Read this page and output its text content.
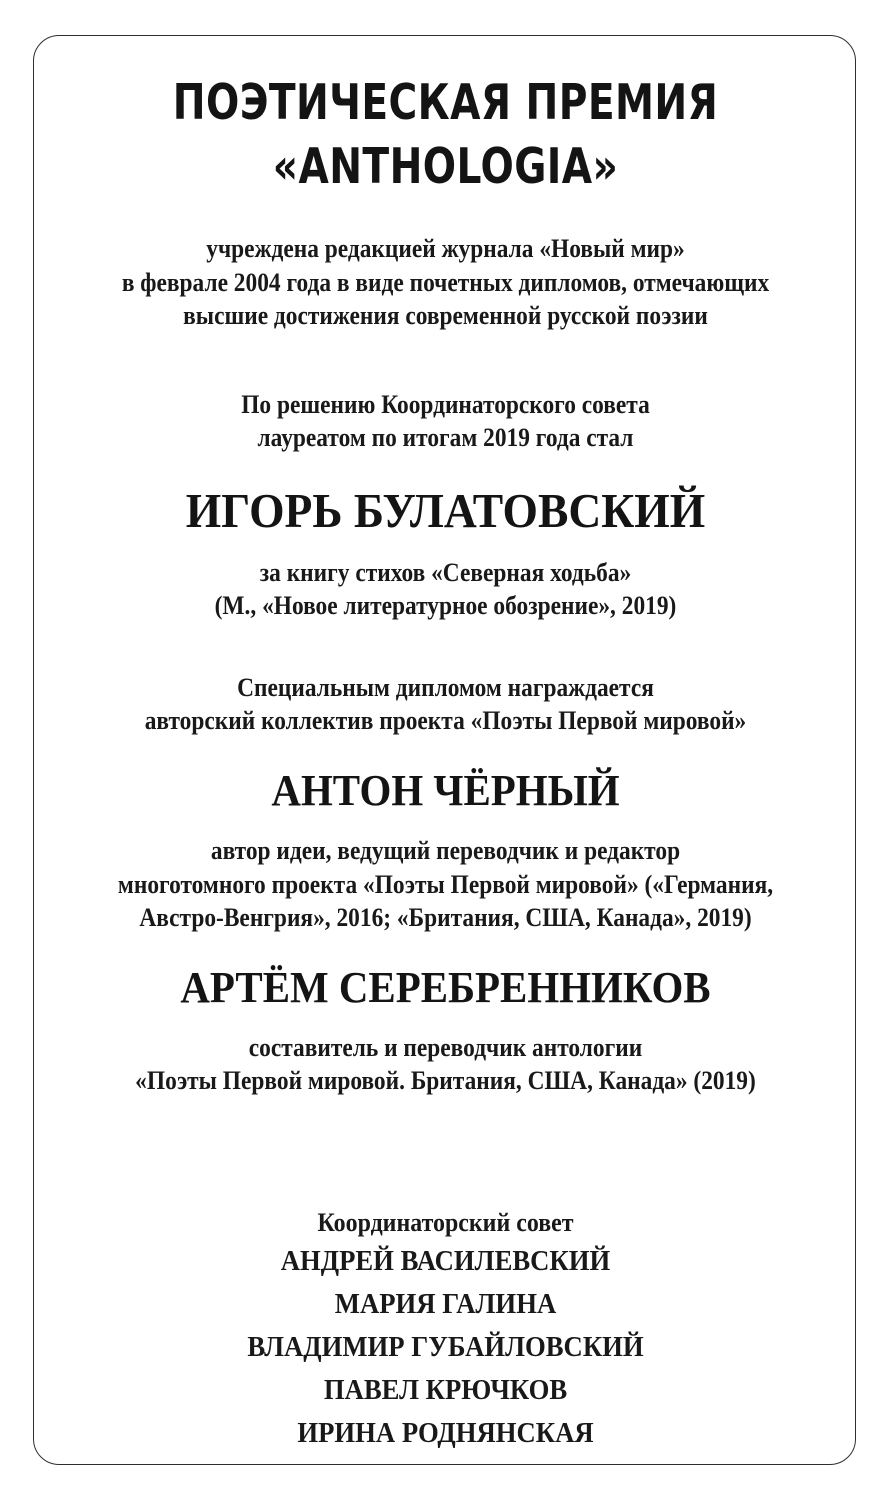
ПОЭТИЧЕСКАЯ ПРЕМИЯ
«ANTHOLOGIA»
учреждена редакцией журнала «Новый мир»
в феврале 2004 года в виде почетных дипломов, отмечающих
высшие достижения современной русской поэзии
По решению Координаторского совета
лауреатом по итогам 2019 года стал
ИГОРЬ БУЛАТОВСКИЙ
за книгу стихов «Северная ходьба»
(М., «Новое литературное обозрение», 2019)
Специальным дипломом награждается
авторский коллектив проекта «Поэты Первой мировой»
АНТОН ЧЁРНЫЙ
автор идеи, ведущий переводчик и редактор
многотомного проекта «Поэты Первой мировой» («Германия,
Австро-Венгрия», 2016; «Британия, США, Канада», 2019)
АРТЁМ СЕРЕБРЕННИКОВ
составитель и переводчик антологии
«Поэты Первой мировой. Британия, США, Канада» (2019)
Координаторский совет
АНДРЕЙ ВАСИЛЕВСКИЙ
МАРИЯ ГАЛИНА
ВЛАДИМИР ГУБАЙЛОВСКИЙ
ПАВЕЛ КРЮЧКОВ
ИРИНА РОДНЯНСКАЯ
